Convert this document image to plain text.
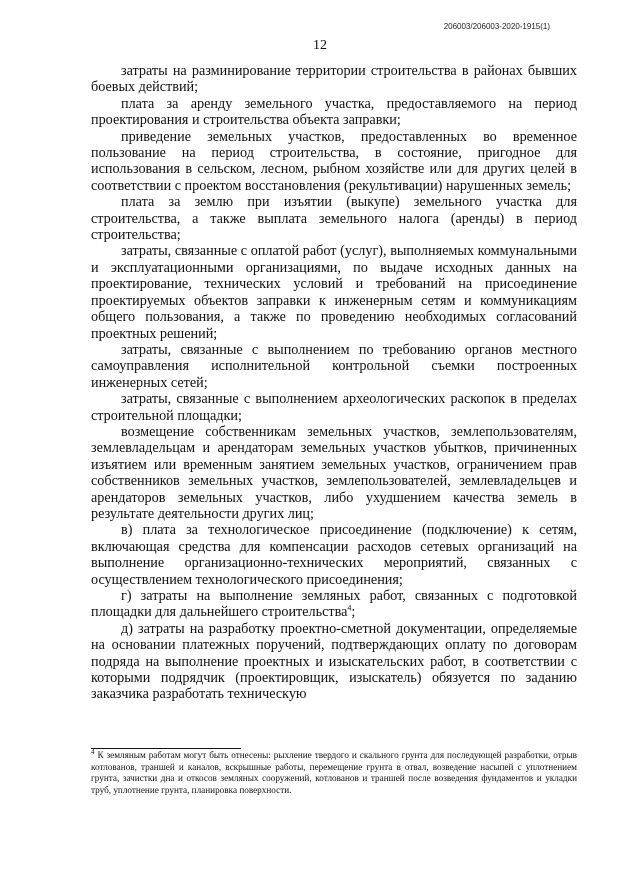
206003/206003-2020-1915(1)
12

затраты на разминирование территории строительства в районах бывших боевых действий;

плата за аренду земельного участка, предоставляемого на период проектирования и строительства объекта заправки;

приведение земельных участков, предоставленных во временное пользование на период строительства, в состояние, пригодное для использования в сельском, лесном, рыбном хозяйстве или для других целей в соответствии с проектом восстановления (рекультивации) нарушенных земель;

плата за землю при изъятии (выкупе) земельного участка для строительства, а также выплата земельного налога (аренды) в период строительства;

затраты, связанные с оплатой работ (услуг), выполняемых коммунальными и эксплуатационными организациями, по выдаче исходных данных на проектирование, технических условий и требований на присоединение проектируемых объектов заправки к инженерным сетям и коммуникациям общего пользования, а также по проведению необходимых согласований проектных решений;

затраты, связанные с выполнением по требованию органов местного самоуправления исполнительной контрольной съемки построенных инженерных сетей;

затраты, связанные с выполнением археологических раскопок в пределах строительной площадки;

возмещение собственникам земельных участков, землепользователям, землевладельцам и арендаторам земельных участков убытков, причиненных изъятием или временным занятием земельных участков, ограничением прав собственников земельных участков, землепользователей, землевладельцев и арендаторов земельных участков, либо ухудшением качества земель в результате деятельности других лиц;

в) плата за технологическое присоединение (подключение) к сетям, включающая средства для компенсации расходов сетевых организаций на выполнение организационно-технических мероприятий, связанных с осуществлением технологического присоединения;

г) затраты на выполнение земляных работ, связанных с подготовкой площадки для дальнейшего строительства$^4$;

д) затраты на разработку проектно-сметной документации, определяемые на основании платежных поручений, подтверждающих оплату по договорам подряда на выполнение проектных и изыскательских работ, в соответствии с которыми подрядчик (проектировщик, изыскатель) обязуется по заданию заказчика разработать техническую

$^4$ К земляным работам могут быть отнесены: рыхление твердого и скального грунта для последующей разработки, отрыв котлованов, траншей и каналов, вскрышные работы, перемещение грунта в отвал, возведение насыпей с уплотнением грунта, зачистки дна и откосов земляных сооружений, котлованов и траншей после возведения фундаментов и укладки труб, уплотнение грунта, планировка поверхности.
